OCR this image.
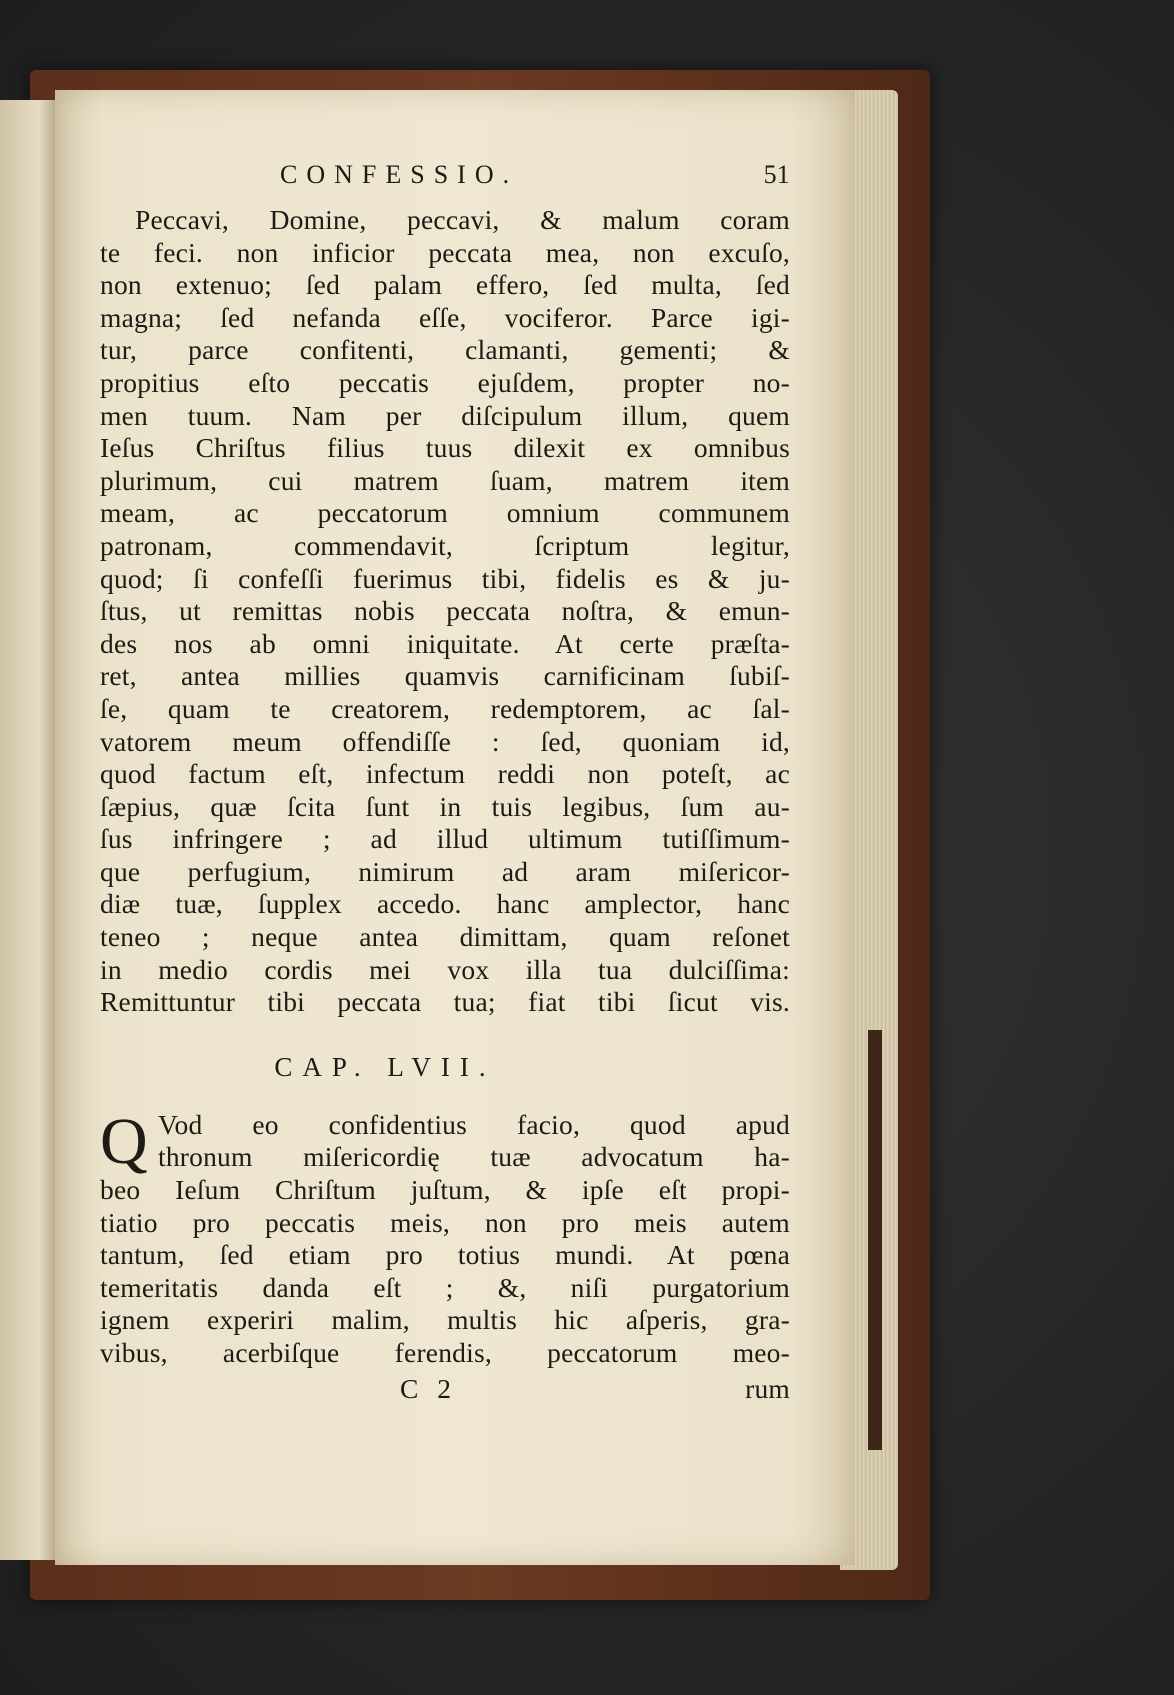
CONFESSIO.	51
Peccavi, Domine, peccavi, & malum coram
te feci. non inficior peccata mea, non excuſo,
non extenuo; ſed palam effero, ſed multa, ſed
magna; ſed nefanda eſſe, vociferor. Parce igi-
tur, parce confitenti, clamanti, gementi; &
propitius eſto peccatis ejuſdem, propter no-
men tuum. Nam per diſcipulum illum, quem
Ieſus Chriſtus filius tuus dilexit ex omnibus
plurimum, cui matrem ſuam, matrem item
meam, ac peccatorum omnium communem
patronam, commendavit, ſcriptum legitur,
quod; ſi confeſſi fuerimus tibi, fidelis es & ju-
ſtus, ut remittas nobis peccata noſtra, & emun-
des nos ab omni iniquitate. At certe præſta-
ret, antea millies quamvis carnificinam ſubiſ-
ſe, quam te creatorem, redemptorem, ac ſal-
vatorem meum offendiſſe : ſed, quoniam id,
quod factum eſt, infectum reddi non poteſt, ac
ſæpius, quæ ſcita ſunt in tuis legibus, ſum au-
ſus infringere ; ad illud ultimum tutiſſimum-
que perfugium, nimirum ad aram miſericor-
diæ tuæ, ſupplex accedo. hanc amplector, hanc
teneo ; neque antea dimittam, quam reſonet
in medio cordis mei vox illa tua dulciſſima:
Remittuntur tibi peccata tua; fiat tibi ſicut vis.
CAP. LVII.
Q Vod eo confidentius facio, quod apud
thronum miſericordię tuæ advocatum ha-
beo Ieſum Chriſtum juſtum, & ipſe eſt propi-
tiatio pro peccatis meis, non pro meis autem
tantum, ſed etiam pro totius mundi. At pœna
temeritatis danda eſt ; &, niſi purgatorium
ignem experiri malim, multis hic aſperis, gra-
vibus, acerbiſque ferendis, peccatorum meo-
C 2	rum
